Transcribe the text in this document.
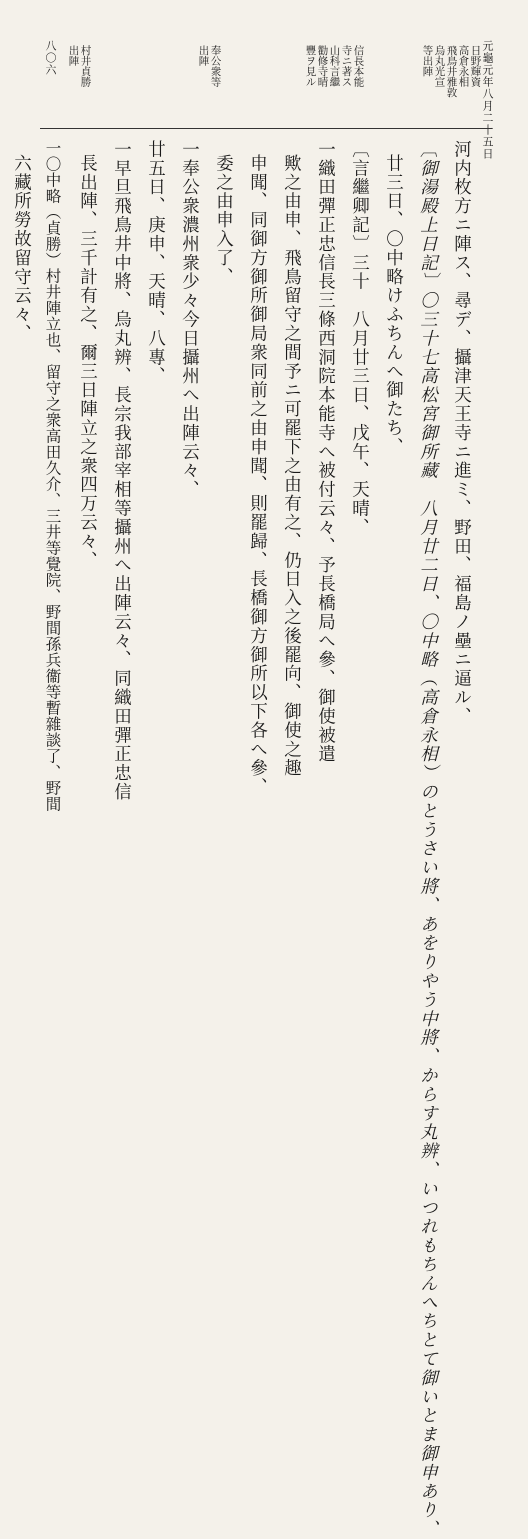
元龜元年八月二十五日
八〇六	日野輝資
高倉永相
飛鳥井雅敦
烏丸光宣
等出陣
信長本能
寺ニ著ス
山科言繼
勸修寺晴
豐ヲ見ル
奉公衆等
出陣
村井貞勝
出陣
河内枚方ニ陣ス、尋デ、攝津天王寺ニ進ミ、野田、福島ノ壘ニ逼ル、
〔御湯殿上日記〕〇三十七高松宮御所藏　八月廿二日、〇中略（高倉永相）のとうさい將、あをりやう中將、からす丸辨、いつれもちんへちとて御いとま御申あり、
廿三日、〇中略けふちんへ御たち、
〔言繼卿記〕三十　八月廿三日、戊午、天晴、
一織田彈正忠信長三條西洞院本能寺へ被付云々、予長橋局へ參、御使被遣
歟之由申、飛鳥留守之間予ニ可罷下之由有之、仍日入之後罷向、御使之趣
申聞、同御方御所御局衆同前之由申聞、則罷歸、長橋御方御所以下各へ參、
委之由申入了、
一奉公衆濃州衆少々今日攝州へ出陣云々、
廿五日、庚申、天晴、八專、
一早旦飛鳥井中將、烏丸辨、長宗我部宰相等攝州へ出陣云々、同織田彈正忠信
長出陣、三千計有之、爾三日陣立之衆四万云々、
一〇中略（貞勝）村井陣立也、留守之衆高田久介、三井等覺院、野間孫兵衞等暫雜談了、野間
六藏所勞故留守云々、
